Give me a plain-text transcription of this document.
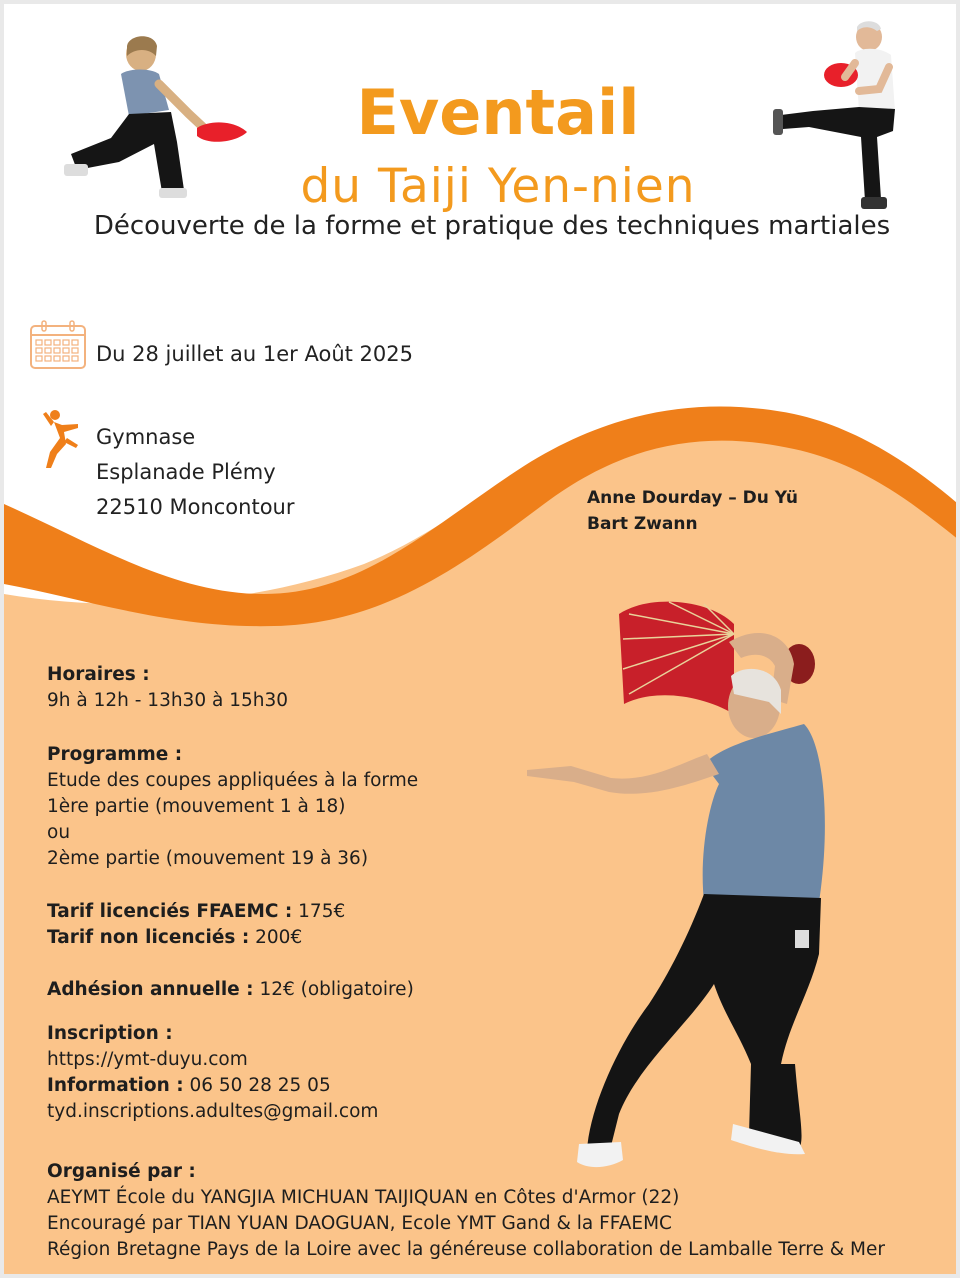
Eventail
du Taiji Yen-nien
Découverte de la forme et pratique des techniques martiales
Du 28 juillet au 1er Août 2025
Gymnase
Esplanade Plémy
22510 Moncontour	Anne Dourday – Du Yü
Bart Zwann
Horaires :
9h à 12h - 13h30 à 15h30
Programme :
Etude des coupes appliquées à la forme
1ère partie (mouvement 1 à 18)
ou
2ème partie (mouvement 19 à 36)
Tarif licenciés FFAEMC : 175€
Tarif non licenciés : 200€
Adhésion annuelle : 12€ (obligatoire)
Inscription :
https://ymt-duyu.com
Information : 06 50 28 25 05
tyd.inscriptions.adultes@gmail.com
Organisé par :
AEYMT École du YANGJIA MICHUAN TAIJIQUAN en Côtes d'Armor (22)
Encouragé par TIAN YUAN DAOGUAN, Ecole YMT Gand & la FFAEMC
Région Bretagne Pays de la Loire avec la généreuse collaboration de Lamballe Terre & Mer
